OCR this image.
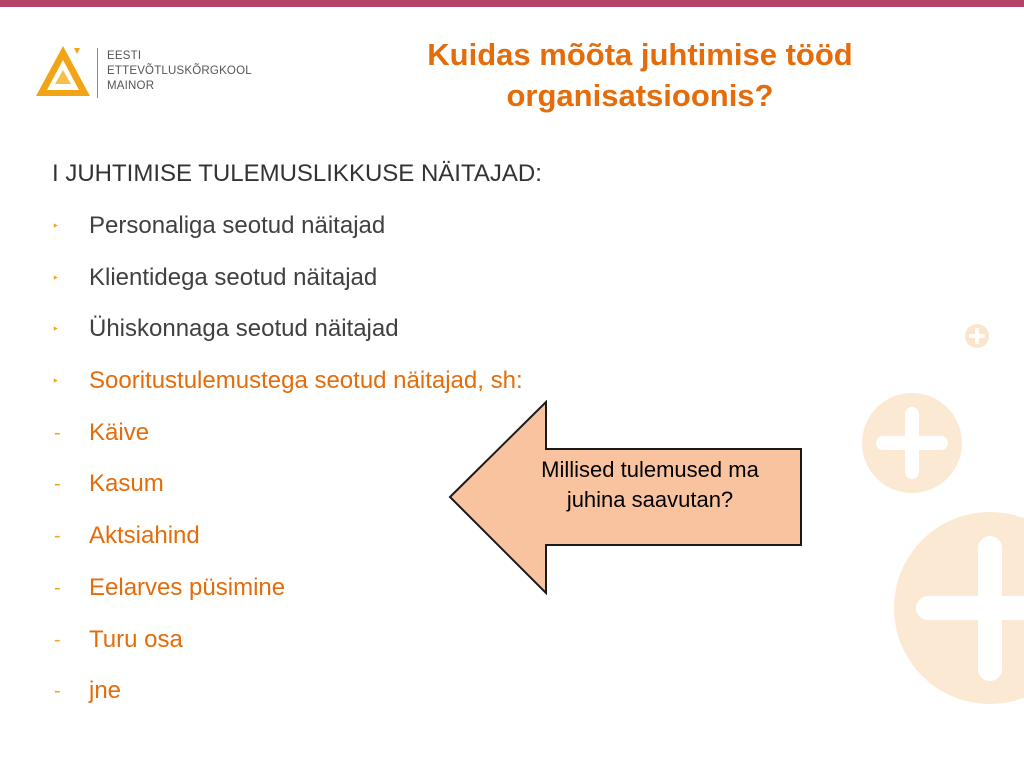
EESTI
ETTEVÕTLUSKÕRGKOOL
MAINOR
Kuidas mõõta juhtimise tööd
organisatsioonis?
I JUHTIMISE TULEMUSLIKKUSE NÄITAJAD:
‣	Personaliga seotud näitajad
‣	Klientidega seotud näitajad
‣	Ühiskonnaga seotud näitajad
‣	Sooritustulemustega seotud näitajad, sh:
-	Käive
-	Kasum
-	Aktsiahind
-	Eelarves püsimine
-	Turu osa
-	jne
Millised tulemused ma
juhina saavutan?
